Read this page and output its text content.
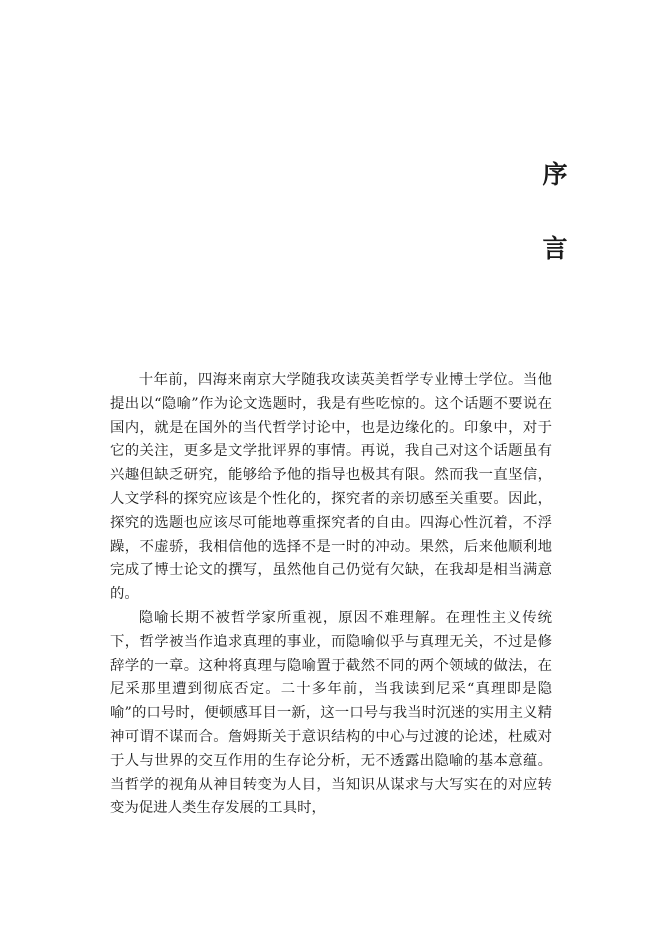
序
言

十年前，四海来南京大学随我攻读英美哲学专业博士学位。当他提出以“隐喻”作为论文选题时，我是有些吃惊的。这个话题不要说在国内，就是在国外的当代哲学讨论中，也是边缘化的。印象中，对于它的关注，更多是文学批评界的事情。再说，我自己对这个话题虽有兴趣但缺乏研究，能够给予他的指导也极其有限。然而我一直坚信，人文学科的探究应该是个性化的，探究者的亲切感至关重要。因此，探究的选题也应该尽可能地尊重探究者的自由。四海心性沉着，不浮躁，不虚骄，我相信他的选择不是一时的冲动。果然，后来他顺利地完成了博士论文的撰写，虽然他自己仍觉有欠缺，在我却是相当满意的。

隐喻长期不被哲学家所重视，原因不难理解。在理性主义传统下，哲学被当作追求真理的事业，而隐喻似乎与真理无关，不过是修辞学的一章。这种将真理与隐喻置于截然不同的两个领域的做法，在尼采那里遭到彻底否定。二十多年前，当我读到尼采“真理即是隐喻”的口号时，便顿感耳目一新，这一口号与我当时沉迷的实用主义精神可谓不谋而合。詹姆斯关于意识结构的中心与过渡的论述，杜威对于人与世界的交互作用的生存论分析，无不透露出隐喻的基本意蕴。当哲学的视角从神目转变为人目，当知识从谋求与大写实在的对应转变为促进人类生存发展的工具时，
